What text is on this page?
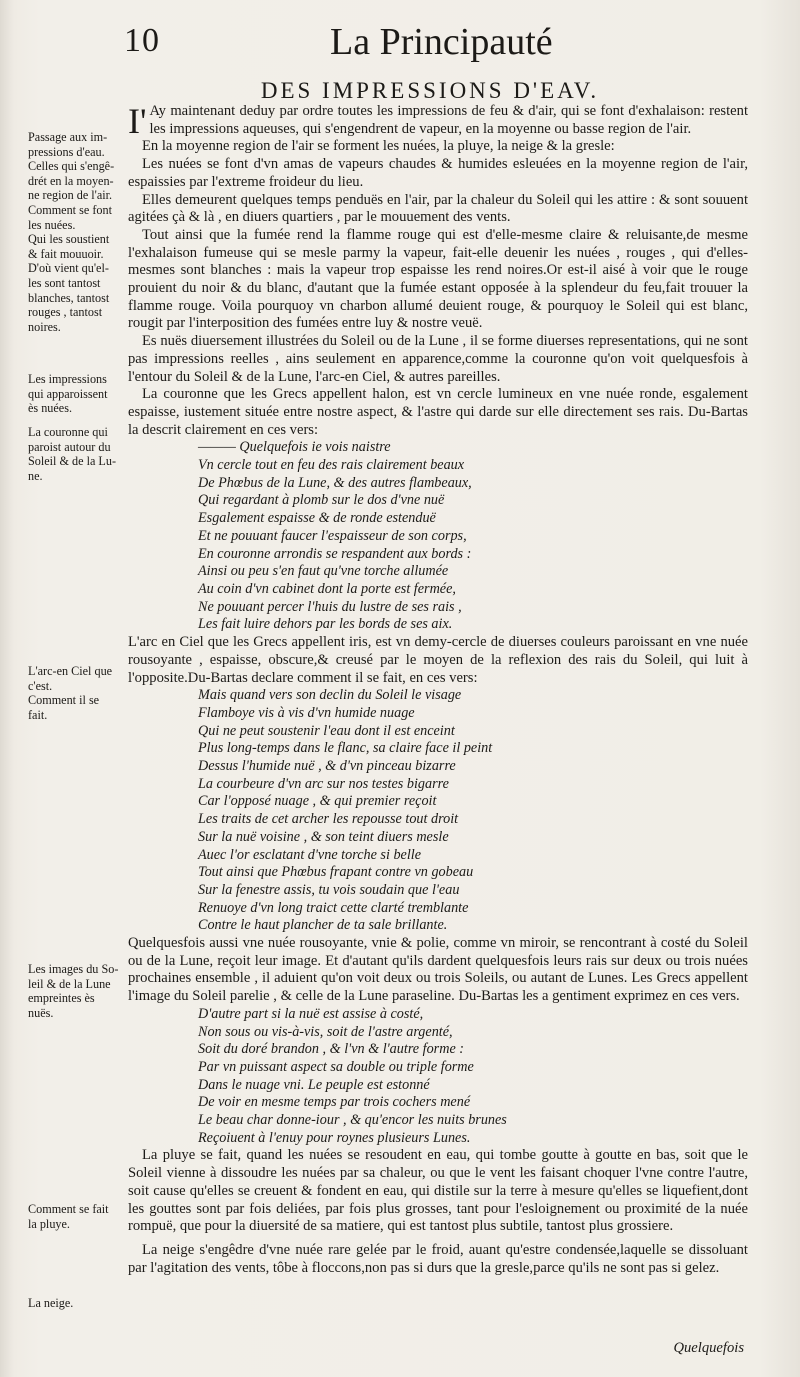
10	La Principauté
DES IMPRESSIONS D'EAV.

Passage aux im-

pressions d'eau.

Celles qui s'engê-

drét en la moyen-

ne region de l'air.

Comment se font

les nuées.

Qui les soustient

& fait mouuoir.

D'où vient qu'el-

les sont tantost

blanches, tantost

rouges , tantost

noires.

Les impressions

qui apparoissent

ès nuées.

La couronne qui

paroist autour du

Soleil & de la Lu-

ne.

L'arc-en Ciel que

c'est.

Comment il se

fait.

Les images du So-

leil & de la Lune

empreintes ès

nuës.

Comment se fait

la pluye.

La neige.

I'Ay maintenant deduy par ordre toutes les impressions de feu & d'air, qui se font d'exhalaison: restent les impressions aqueuses, qui s'engendrent de vapeur, en la moyenne ou basse region de l'air.

En la moyenne region de l'air se forment les nuées, la pluye, la neige & la gresle:

Les nuées se font d'vn amas de vapeurs chaudes & humides esleuées en la moyenne region de l'air, espaissies par l'extreme froideur du lieu.

Elles demeurent quelques temps penduës en l'air, par la chaleur du Soleil qui les attire : & sont souuent agitées çà & là , en diuers quartiers , par le mouuement des vents.

Tout ainsi que la fumée rend la flamme rouge qui est d'elle-mesme claire & reluisante,de mesme l'exhalaison fumeuse qui se mesle parmy la vapeur, fait-elle deuenir les nuées , rouges , qui d'elles-mesmes sont blanches : mais la vapeur trop espaisse les rend noires.Or est-il aisé à voir que le rouge prouient du noir & du blanc, d'autant que la fumée estant opposée à la splendeur du feu,fait trouuer la flamme rouge. Voila pourquoy vn charbon allumé deuient rouge, & pourquoy le Soleil qui est blanc, rougit par l'interposition des fumées entre luy & nostre veuë.

Es nuës diuersement illustrées du Soleil ou de la Lune , il se forme diuerses representations, qui ne sont pas impressions reelles , ains seulement en apparence,comme la couronne qu'on voit quelquesfois à l'entour du Soleil & de la Lune, l'arc-en Ciel, & autres pareilles.

La couronne que les Grecs appellent halon, est vn cercle lumineux en vne nuée ronde, esgalement espaisse, iustement située entre nostre aspect, & l'astre qui darde sur elle directement ses rais. Du-Bartas la descrit clairement en ces vers:

——— Quelquefois ie vois naistre
Vn cercle tout en feu des rais clairement beaux
De Phœbus de la Lune, & des autres flambeaux,
Qui regardant à plomb sur le dos d'vne nuë
Esgalement espaisse & de ronde estenduë
Et ne pouuant faucer l'espaisseur de son corps,
En couronne arrondis se respandent aux bords :
Ainsi ou peu s'en faut qu'vne torche allumée
Au coin d'vn cabinet dont la porte est fermée,
Ne pouuant percer l'huis du lustre de ses rais ,
Les fait luire dehors par les bords de ses aix.

L'arc en Ciel que les Grecs appellent iris, est vn demy-cercle de diuerses couleurs paroissant en vne nuée rousoyante , espaisse, obscure,& creusé par le moyen de la reflexion des rais du Soleil, qui luit à l'opposite.Du-Bartas declare comment il se fait, en ces vers:

Mais quand vers son declin du Soleil le visage
Flamboye vis à vis d'vn humide nuage
Qui ne peut soustenir l'eau dont il est enceint
Plus long-temps dans le flanc, sa claire face il peint
Dessus l'humide nuë , & d'vn pinceau bizarre
La courbeure d'vn arc sur nos testes bigarre
Car l'opposé nuage , & qui premier reçoit
Les traits de cet archer les repousse tout droit
Sur la nuë voisine , & son teint diuers mesle
Auec l'or esclatant d'vne torche si belle
Tout ainsi que Phœbus frapant contre vn gobeau
Sur la fenestre assis, tu vois soudain que l'eau
Renuoye d'vn long traict cette clarté tremblante
Contre le haut plancher de ta sale brillante.

Quelquesfois aussi vne nuée rousoyante, vnie & polie, comme vn miroir, se rencontrant à costé du Soleil ou de la Lune, reçoit leur image. Et d'autant qu'ils dardent quelquesfois leurs rais sur deux ou trois nuées prochaines ensemble , il aduient qu'on voit deux ou trois Soleils, ou autant de Lunes. Les Grecs appellent l'image du Soleil parelie , & celle de la Lune paraseline. Du-Bartas les a gentiment exprimez en ces vers.

D'autre part si la nuë est assise à costé,
Non sous ou vis-à-vis, soit de l'astre argenté,
Soit du doré brandon , & l'vn & l'autre forme :
Par vn puissant aspect sa double ou triple forme
Dans le nuage vni. Le peuple est estonné
De voir en mesme temps par trois cochers mené
Le beau char donne-iour , & qu'encor les nuits brunes
Reçoiuent à l'enuy pour roynes plusieurs Lunes.

La pluye se fait, quand les nuées se resoudent en eau, qui tombe goutte à goutte en bas, soit que le Soleil vienne à dissoudre les nuées par sa chaleur, ou que le vent les faisant choquer l'vne contre l'autre, soit cause qu'elles se creuent & fondent en eau, qui distile sur la terre à mesure qu'elles se liquefient,dont les gouttes sont par fois deliées, par fois plus grosses, tant pour l'esloignement ou proximité de la nuée rompuë, que pour la diuersité de sa matiere, qui est tantost plus subtile, tantost plus grossiere.

La neige s'engêdre d'vne nuée rare gelée par le froid, auant qu'estre condensée,laquelle se dissoluant par l'agitation des vents, tôbe à floccons,non pas si durs que la gresle,parce qu'ils ne sont pas si gelez.

Quelquefois
